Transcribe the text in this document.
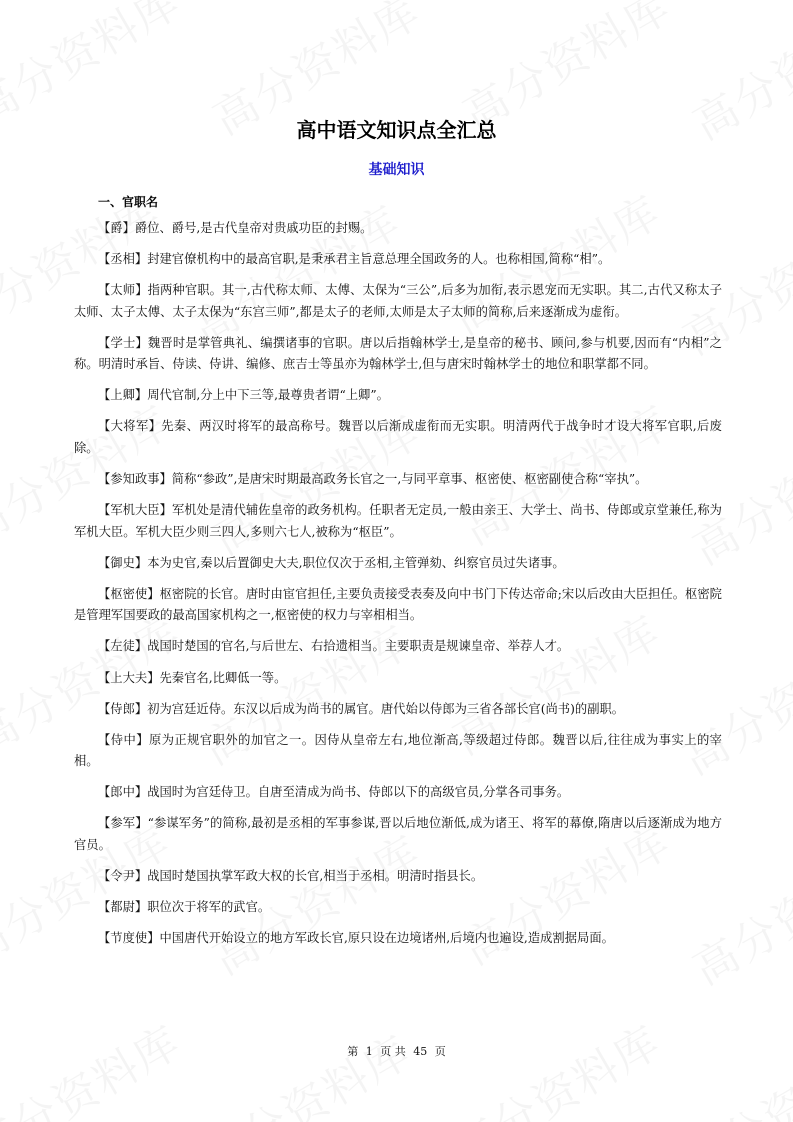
高中语文知识点全汇总
基础知识
一、官职名

【爵】爵位、爵号,是古代皇帝对贵戚功臣的封赐。

【丞相】封建官僚机构中的最高官职,是秉承君主旨意总理全国政务的人。也称相国,简称“相”。

【太师】指两种官职。其一,古代称太师、太傅、太保为“三公”,后多为加衔,表示恩宠而无实职。其二,古代又称太子太师、太子太傅、太子太保为“东宫三师”,都是太子的老师,太师是太子太师的简称,后来逐渐成为虚衔。

【学士】魏晋时是掌管典礼、编撰诸事的官职。唐以后指翰林学士,是皇帝的秘书、顾问,参与机要,因而有“内相”之称。明清时承旨、侍读、侍讲、编修、庶吉士等虽亦为翰林学士,但与唐宋时翰林学士的地位和职掌都不同。

【上卿】周代官制,分上中下三等,最尊贵者谓“上卿”。

【大将军】先秦、两汉时将军的最高称号。魏晋以后渐成虚衔而无实职。明清两代于战争时才设大将军官职,后废除。

【参知政事】简称“参政”,是唐宋时期最高政务长官之一,与同平章事、枢密使、枢密副使合称“宰执”。

【军机大臣】军机处是清代辅佐皇帝的政务机构。任职者无定员,一般由亲王、大学士、尚书、侍郎或京堂兼任,称为军机大臣。军机大臣少则三四人,多则六七人,被称为“枢臣”。

【御史】本为史官,秦以后置御史大夫,职位仅次于丞相,主管弹劾、纠察官员过失诸事。

【枢密使】枢密院的长官。唐时由宦官担任,主要负责接受表奏及向中书门下传达帝命;宋以后改由大臣担任。枢密院是管理军国要政的最高国家机构之一,枢密使的权力与宰相相当。

【左徒】战国时楚国的官名,与后世左、右拾遗相当。主要职责是规谏皇帝、举荐人才。

【上大夫】先秦官名,比卿低一等。

【侍郎】初为宫廷近侍。东汉以后成为尚书的属官。唐代始以侍郎为三省各部长官(尚书)的副职。

【侍中】原为正规官职外的加官之一。因侍从皇帝左右,地位渐高,等级超过侍郎。魏晋以后,往往成为事实上的宰相。

【郎中】战国时为宫廷侍卫。自唐至清成为尚书、侍郎以下的高级官员,分掌各司事务。

【参军】“参谋军务”的简称,最初是丞相的军事参谋,晋以后地位渐低,成为诸王、将军的幕僚,隋唐以后逐渐成为地方官员。

【令尹】战国时楚国执掌军政大权的长官,相当于丞相。明清时指县长。

【都尉】职位次于将军的武官。

【节度使】中国唐代开始设立的地方军政长官,原只设在边境诸州,后境内也遍设,造成割据局面。

第 1 页 共 45 页
